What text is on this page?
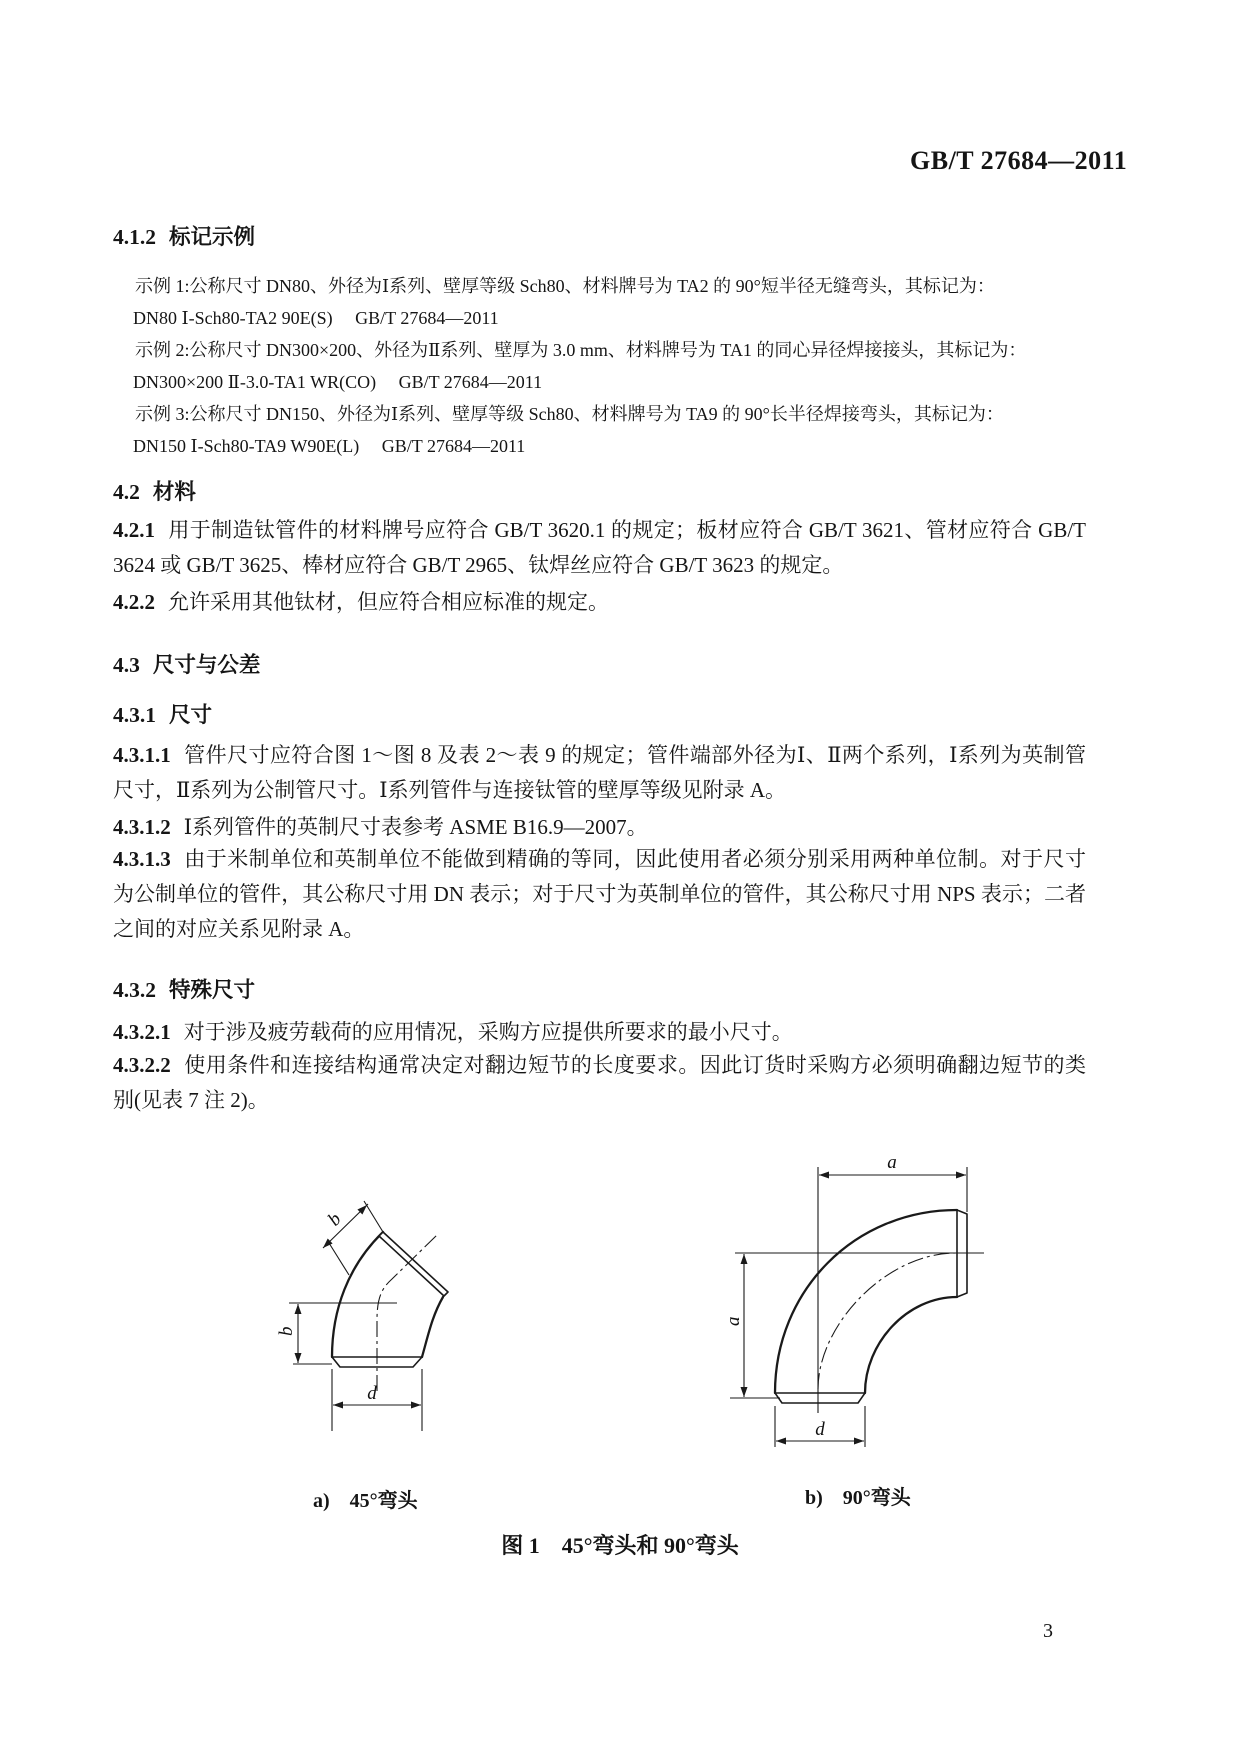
GB/T 27684—2011
4.1.2 标记示例
示例 1:公称尺寸 DN80、外径为Ⅰ系列、壁厚等级 Sch80、材料牌号为 TA2 的 90°短半径无缝弯头，其标记为：
DN80 Ⅰ-Sch80-TA2 90E(S)　 GB/T 27684—2011
示例 2:公称尺寸 DN300×200、外径为Ⅱ系列、壁厚为 3.0 mm、材料牌号为 TA1 的同心异径焊接接头，其标记为：
DN300×200 Ⅱ-3.0-TA1 WR(CO)　 GB/T 27684—2011
示例 3:公称尺寸 DN150、外径为Ⅰ系列、壁厚等级 Sch80、材料牌号为 TA9 的 90°长半径焊接弯头，其标记为：
DN150 Ⅰ-Sch80-TA9 W90E(L)　 GB/T 27684—2011
4.2 材料
4.2.1 用于制造钛管件的材料牌号应符合 GB/T 3620.1 的规定；板材应符合 GB/T 3621、管材应符合 GB/T 3624 或 GB/T 3625、棒材应符合 GB/T 2965、钛焊丝应符合 GB/T 3623 的规定。
4.2.2 允许采用其他钛材，但应符合相应标准的规定。
4.3 尺寸与公差
4.3.1 尺寸
4.3.1.1 管件尺寸应符合图 1～图 8 及表 2～表 9 的规定；管件端部外径为Ⅰ、Ⅱ两个系列，Ⅰ系列为英制管尺寸，Ⅱ系列为公制管尺寸。Ⅰ系列管件与连接钛管的壁厚等级见附录 A。
4.3.1.2 Ⅰ系列管件的英制尺寸表参考 ASME B16.9—2007。
4.3.1.3 由于米制单位和英制单位不能做到精确的等同，因此使用者必须分别采用两种单位制。对于尺寸为公制单位的管件，其公称尺寸用 DN 表示；对于尺寸为英制单位的管件，其公称尺寸用 NPS 表示；二者之间的对应关系见附录 A。
4.3.2 特殊尺寸
4.3.2.1 对于涉及疲劳载荷的应用情况，采购方应提供所要求的最小尺寸。
4.3.2.2 使用条件和连接结构通常决定对翻边短节的长度要求。因此订货时采购方必须明确翻边短节的类别(见表 7 注 2)。
b
b
d
a
a
d
a)　45°弯头	b)　90°弯头
图 1　45°弯头和 90°弯头
3
